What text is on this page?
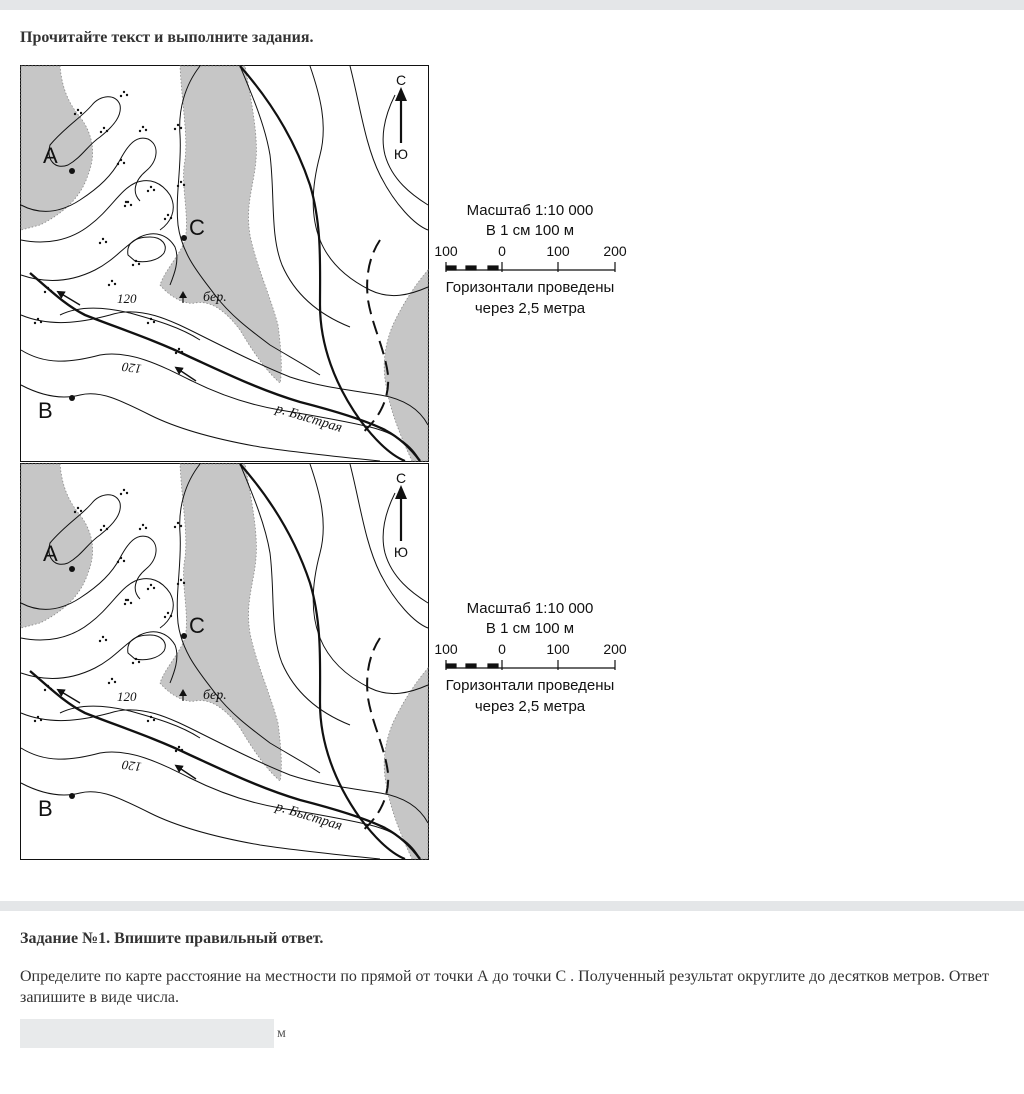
Прочитайте текст и выполните задания.
А
В
С
бер.
120
120
р. Быстрая
С
Ю
Масштаб 1:10 000
В 1 см 100 м
100	0	100 200
Горизонтали проведены
через 2,5 метра
А
В
С
бер.
120
120
р. Быстрая
С
Ю
Масштаб 1:10 000
В 1 см 100 м
100	0	100 200
Горизонтали проведены
через 2,5 метра
Задание №1. Впишите правильный ответ.

Определите по карте расстояние на местности по прямой от точки А до точки С . Полученный результат округлите до десятков метров. Ответ запишите в виде числа.

м
